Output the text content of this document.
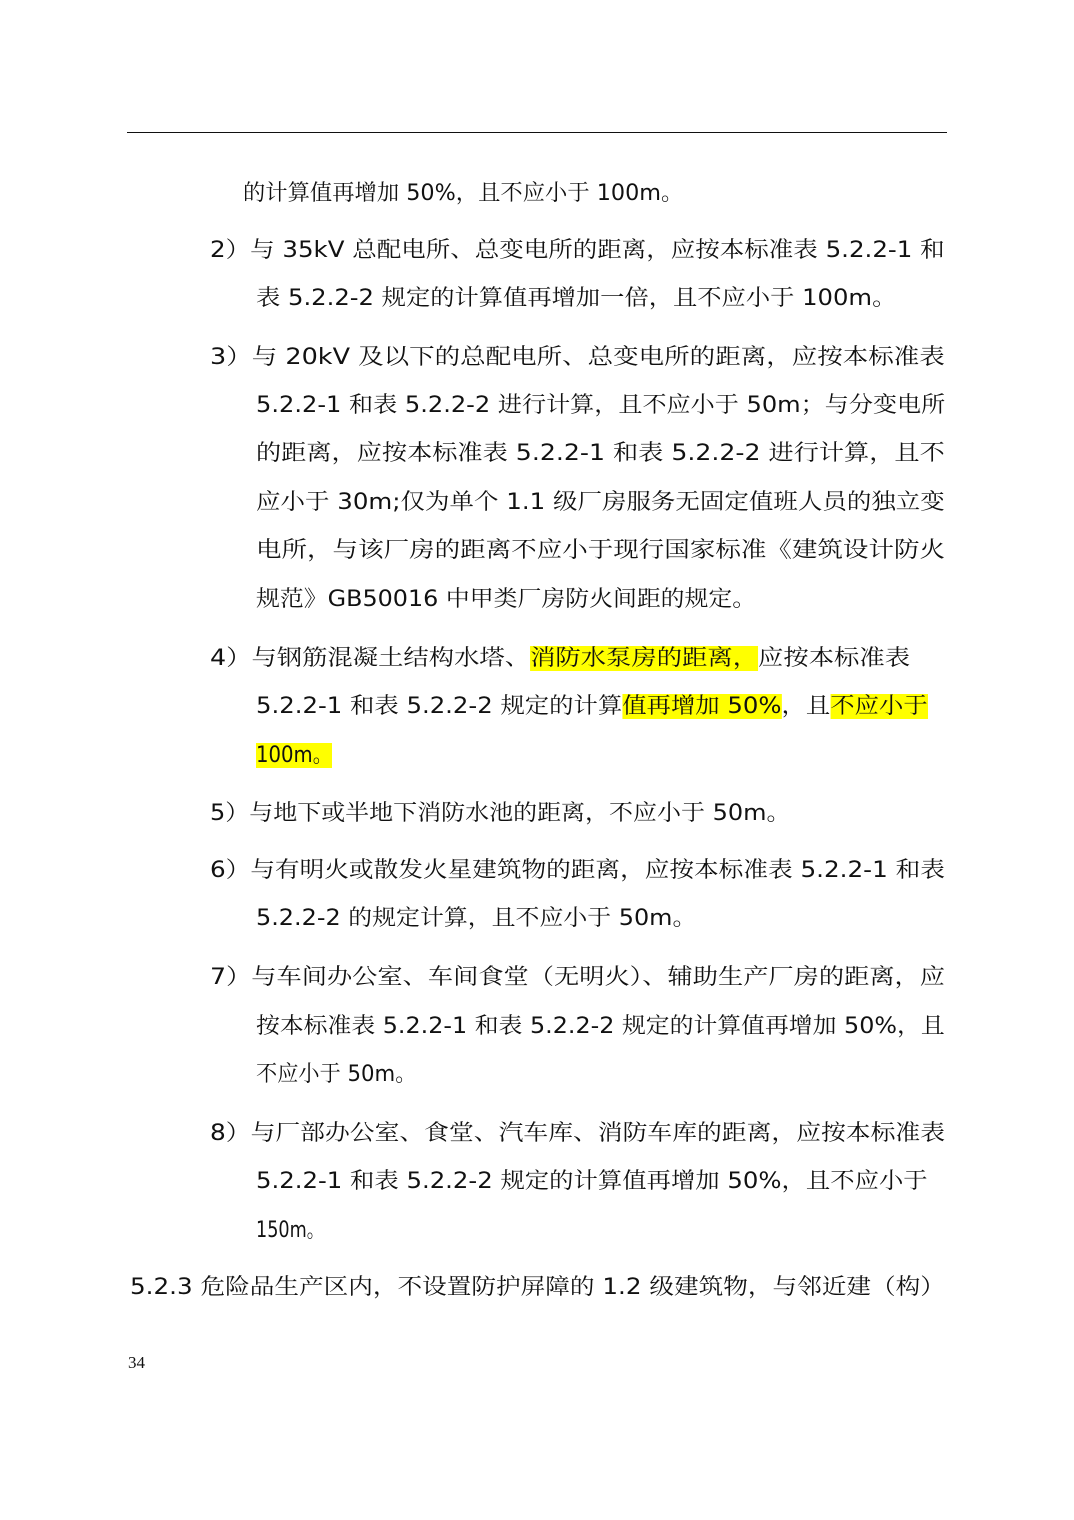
的计算值再增加 50%，且不应小于 100m。
2）与 35kV 总配电所、总变电所的距离，应按本标准表 5.2.2-1 和
表 5.2.2-2 规定的计算值再增加一倍，且不应小于 100m。
3）与 20kV 及以下的总配电所、总变电所的距离，应按本标准表
5.2.2-1 和表 5.2.2-2 进行计算，且不应小于 50m；与分变电所
的距离，应按本标准表 5.2.2-1 和表 5.2.2-2 进行计算，且不
应小于 30m;仅为单个 1.1 级厂房服务无固定值班人员的独立变
电所，与该厂房的距离不应小于现行国家标准《建筑设计防火
规范》GB50016 中甲类厂房防火间距的规定。
4）与钢筋混凝土结构水塔、消防水泵房的距离，应按本标准表
5.2.2-1 和表 5.2.2-2 规定的计算值再增加 50%，且不应小于
100m。
5）与地下或半地下消防水池的距离，不应小于 50m。
6）与有明火或散发火星建筑物的距离，应按本标准表 5.2.2-1 和表
5.2.2-2 的规定计算，且不应小于 50m。
7）与车间办公室、车间食堂（无明火）、辅助生产厂房的距离，应
按本标准表 5.2.2-1 和表 5.2.2-2 规定的计算值再增加 50%，且
不应小于 50m。
8）与厂部办公室、食堂、汽车库、消防车库的距离，应按本标准表
5.2.2-1 和表 5.2.2-2 规定的计算值再增加 50%，且不应小于
150m。
5.2.3 危险品生产区内，不设置防护屏障的 1.2 级建筑物，与邻近建（构）
34
